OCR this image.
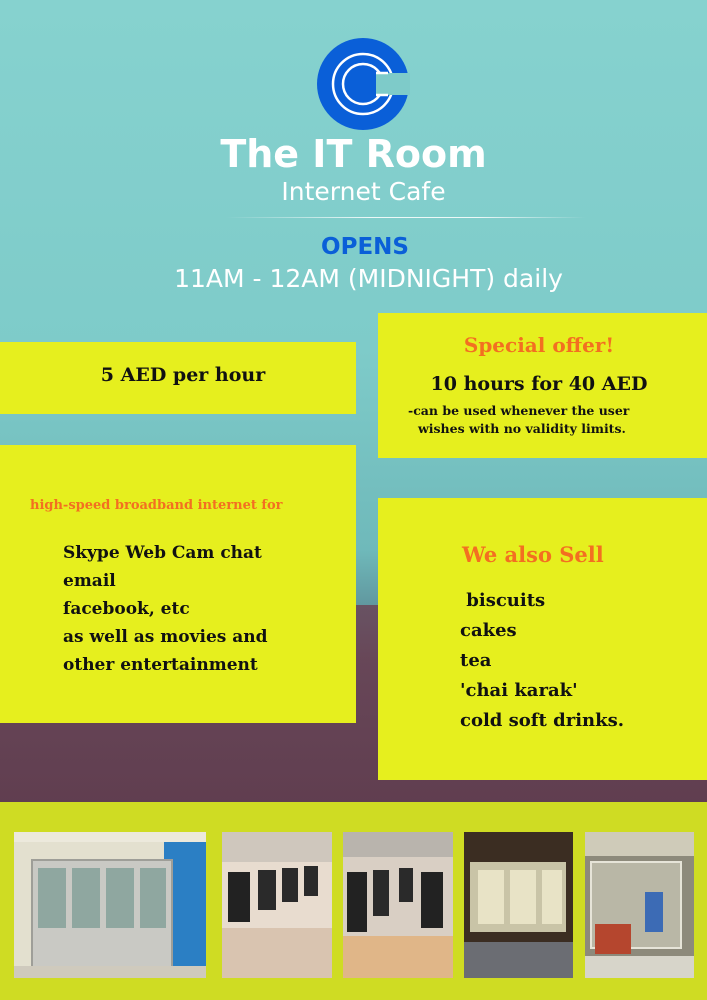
The IT Room
Internet Cafe
OPENS
11AM - 12AM (MIDNIGHT) daily
5 AED per hour
Special offer!
10 hours for 40 AED
-can be used whenever the user
wishes with no validity limits.
high-speed broadband internet for
Skype Web Cam chat
email
facebook, etc
as well as movies and
other entertainment
We also Sell
biscuits
cakes
tea
'chai karak'
cold soft drinks.
